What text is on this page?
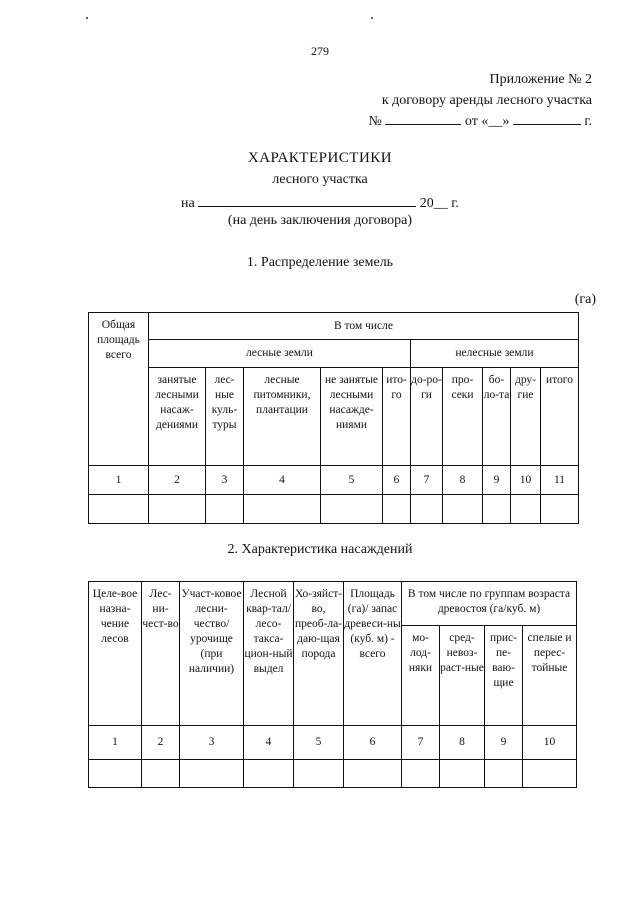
279
Приложение № 2
к договору аренды лесного участка
№	от «__»	г.
ХАРАКТЕРИСТИКИ
лесного участка
на	20__ г.
(на день заключения договора)
1. Распределение земель
(га)
Общая площадь всего	В том числе									
	лесные земли					нелесные земли				
	занятые лесными насаж-дениями	лес-ные куль-туры	лесные питомники, плантации	не занятые лесными насажде-ниями	ито-го	до-ро-ги	про-секи	бо-ло-та	дру-гие	итого
1	2	3	4	5	6	7	8	9	10	11

2. Характеристика насаждений
Целе-вое назна-чение лесов	Лес-ни-чест-во	Участ-ковое лесни-чество/ урочище (при наличии)	Лесной квар-тал/ лесо-такса-цион-ный выдел	Хо-зяйст-во, преоб-ла-даю-щая порода	Площадь (га)/ запас древеси-ны (куб. м) - всего	В том числе по группам возраста древостоя (га/куб. м)			
						мо-лод-няки	сред-невоз-раст-ные	прис-пе-ваю-щие	спелые и перес-тойные
1	2	3	4	5	6	7	8	9	10
